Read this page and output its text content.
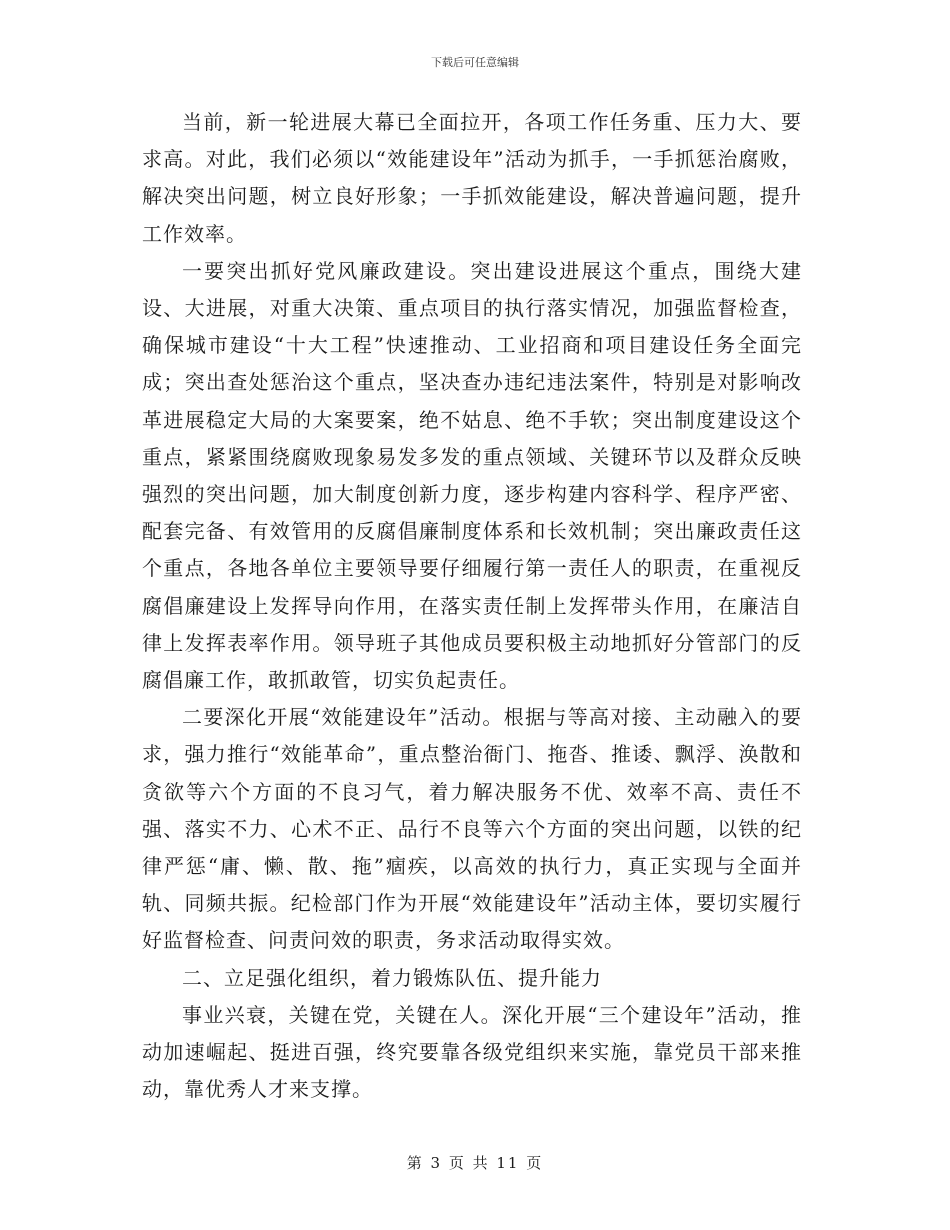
下载后可任意编辑

当前，新一轮进展大幕已全面拉开，各项工作任务重、压力大、要求高。对此，我们必须以“效能建设年”活动为抓手，一手抓惩治腐败，解决突出问题，树立良好形象；一手抓效能建设，解决普遍问题，提升工作效率。

一要突出抓好党风廉政建设。突出建设进展这个重点，围绕大建设、大进展，对重大决策、重点项目的执行落实情况，加强监督检查，确保城市建设“十大工程”快速推动、工业招商和项目建设任务全面完成；突出查处惩治这个重点，坚决查办违纪违法案件，特别是对影响改革进展稳定大局的大案要案，绝不姑息、绝不手软；突出制度建设这个重点，紧紧围绕腐败现象易发多发的重点领域、关键环节以及群众反映强烈的突出问题，加大制度创新力度，逐步构建内容科学、程序严密、配套完备、有效管用的反腐倡廉制度体系和长效机制；突出廉政责任这个重点，各地各单位主要领导要仔细履行第一责任人的职责，在重视反腐倡廉建设上发挥导向作用，在落实责任制上发挥带头作用，在廉洁自律上发挥表率作用。领导班子其他成员要积极主动地抓好分管部门的反腐倡廉工作，敢抓敢管，切实负起责任。

二要深化开展“效能建设年”活动。根据与等高对接、主动融入的要求，强力推行“效能革命”，重点整治衙门、拖沓、推诿、飘浮、涣散和贪欲等六个方面的不良习气，着力解决服务不优、效率不高、责任不强、落实不力、心术不正、品行不良等六个方面的突出问题，以铁的纪律严惩“庸、懒、散、拖”痼疾，以高效的执行力，真正实现与全面并轨、同频共振。纪检部门作为开展“效能建设年”活动主体，要切实履行好监督检查、问责问效的职责，务求活动取得实效。

二、立足强化组织，着力锻炼队伍、提升能力

事业兴衰，关键在党，关键在人。深化开展“三个建设年”活动，推动加速崛起、挺进百强，终究要靠各级党组织来实施，靠党员干部来推动，靠优秀人才来支撑。

第 3 页 共 11 页
